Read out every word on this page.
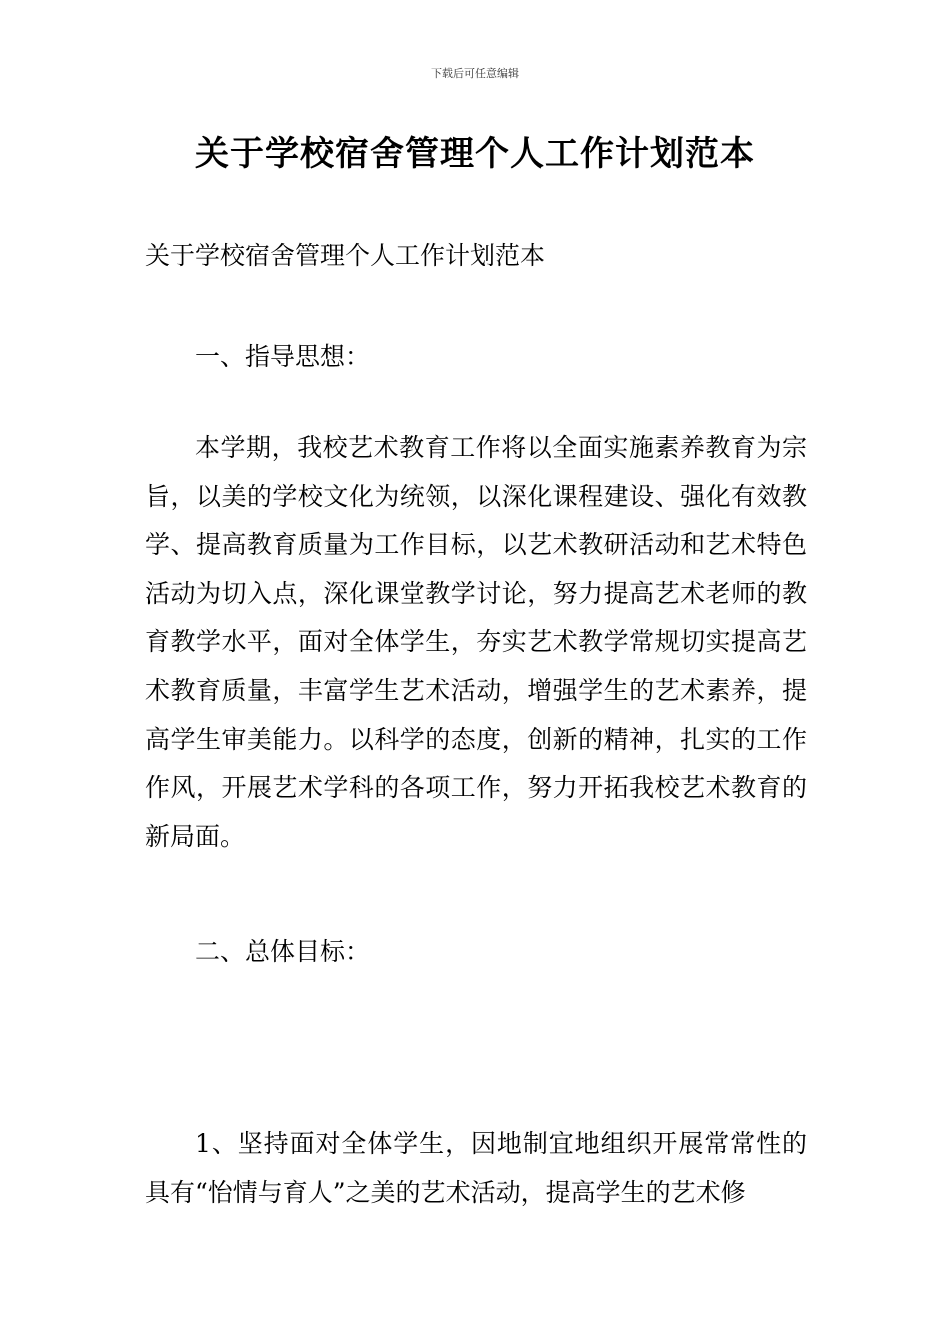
下载后可任意编辑
关于学校宿舍管理个人工作计划范本

关于学校宿舍管理个人工作计划范本

一、指导思想：

本学期，我校艺术教育工作将以全面实施素养教育为宗旨，以美的学校文化为统领，以深化课程建设、强化有效教学、提高教育质量为工作目标，以艺术教研活动和艺术特色活动为切入点，深化课堂教学讨论，努力提高艺术老师的教育教学水平，面对全体学生，夯实艺术教学常规切实提高艺术教育质量，丰富学生艺术活动，增强学生的艺术素养，提高学生审美能力。以科学的态度，创新的精神，扎实的工作作风，开展艺术学科的各项工作，努力开拓我校艺术教育的新局面。

二、总体目标：

1、坚持面对全体学生，因地制宜地组织开展常常性的具有“怡情与育人”之美的艺术活动，提高学生的艺术修
